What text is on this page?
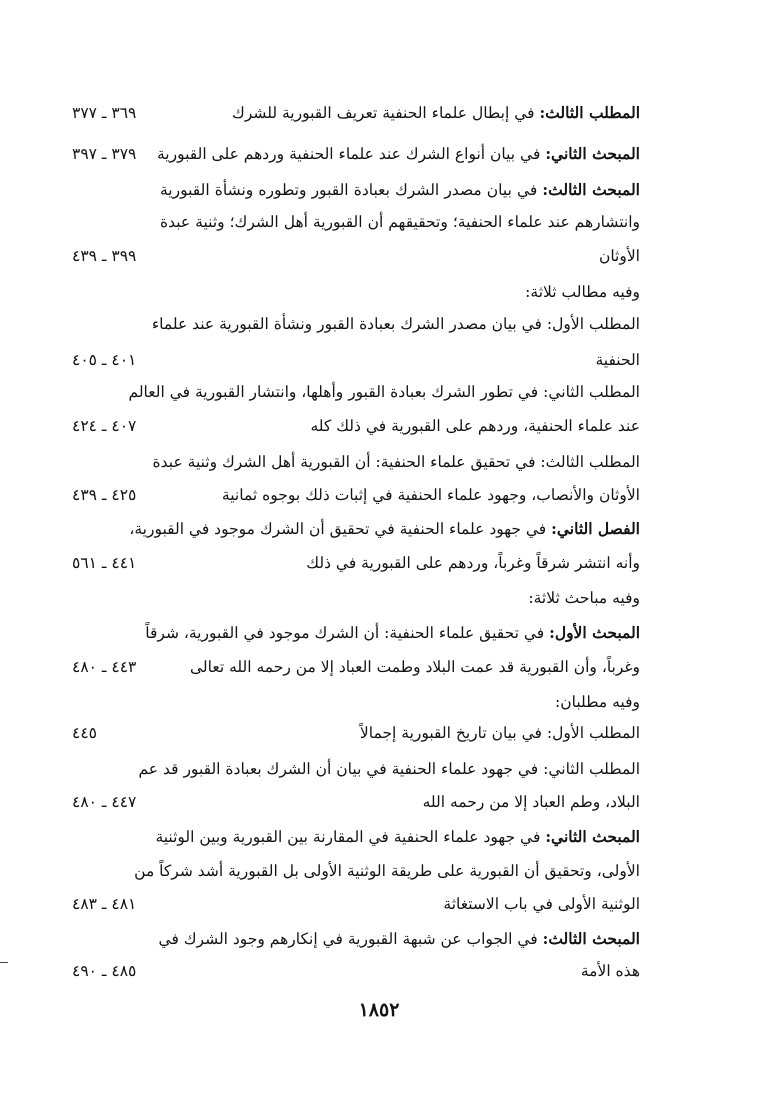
المطلب الثالث: في إبطال علماء الحنفية تعريف القبورية للشرك
٣٦٩ ـ ٣٧٧
المبحث الثاني: في بيان أنواع الشرك عند علماء الحنفية وردهم على القبورية
٣٧٩ ـ ٣٩٧
المبحث الثالث: في بيان مصدر الشرك بعبادة القبور وتطوره ونشأة القبورية
وانتشارهم عند علماء الحنفية؛ وتحقيقهم أن القبورية أهل الشرك؛ وثنية عبدة
الأوثان
٣٩٩ ـ ٤٣٩
وفيه مطالب ثلاثة:
المطلب الأول: في بيان مصدر الشرك بعبادة القبور ونشأة القبورية عند علماء
الحنفية
٤٠١ ـ ٤٠٥
المطلب الثاني: في تطور الشرك بعبادة القبور وأهلها، وانتشار القبورية في العالم
عند علماء الحنفية، وردهم على القبورية في ذلك كله
٤٠٧ ـ ٤٢٤
المطلب الثالث: في تحقيق علماء الحنفية: أن القبورية أهل الشرك وثنية عبدة
الأوثان والأنصاب، وجهود علماء الحنفية في إثبات ذلك بوجوه ثمانية
٤٢٥ ـ ٤٣٩
الفصل الثاني: في جهود علماء الحنفية في تحقيق أن الشرك موجود في القبورية،
وأنه انتشر شرقاً وغرباً، وردهم على القبورية في ذلك
٤٤١ ـ ٥٦١
وفيه مباحث ثلاثة:
المبحث الأول: في تحقيق علماء الحنفية: أن الشرك موجود في القبورية، شرقاً
وغرباً، وأن القبورية قد عمت البلاد وطمت العباد إلا من رحمه الله تعالى
٤٤٣ ـ ٤٨٠
وفيه مطلبان:
المطلب الأول: في بيان تاريخ القبورية إجمالاً
٤٤٥
المطلب الثاني: في جهود علماء الحنفية في بيان أن الشرك بعبادة القبور قد عم
البلاد، وطم العباد إلا من رحمه الله
٤٤٧ ـ ٤٨٠
المبحث الثاني: في جهود علماء الحنفية في المقارنة بين القبورية وبين الوثنية
الأولى، وتحقيق أن القبورية على طريقة الوثنية الأولى بل القبورية أشد شركاً من
الوثنية الأولى في باب الاستغاثة
٤٨١ ـ ٤٨٣
المبحث الثالث: في الجواب عن شبهة القبورية في إنكارهم وجود الشرك في
هذه الأمة
٤٨٥ ـ ٤٩٠
١٨٥٢
